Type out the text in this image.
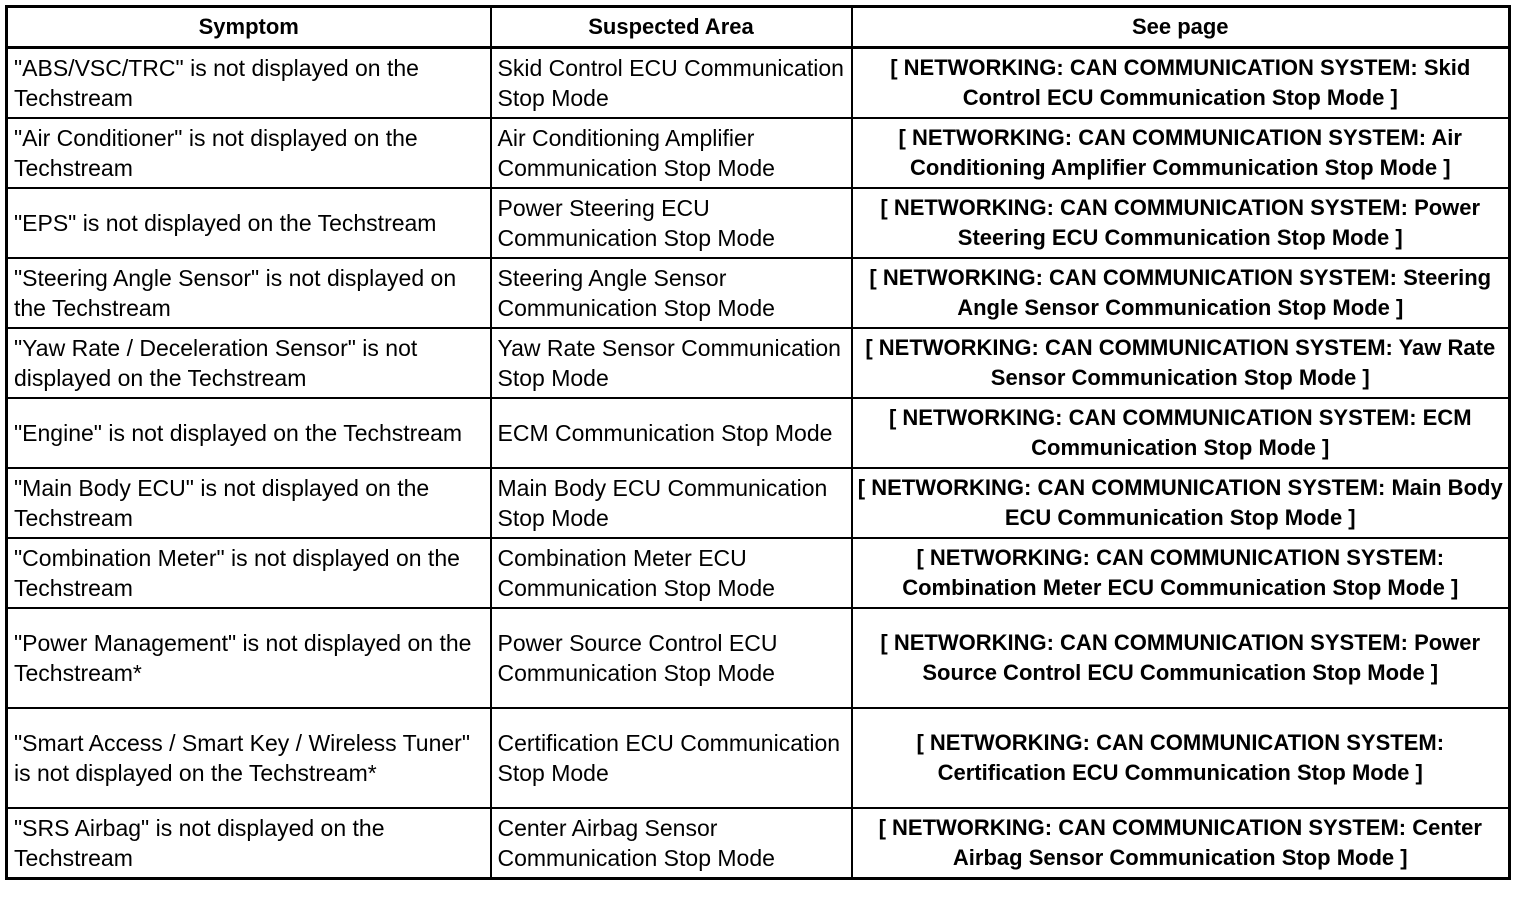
Symptom	Suspected Area	See page
"ABS/VSC/TRC" is not displayed on the Techstream	Skid Control ECU Communication Stop Mode	[ NETWORKING: CAN COMMUNICATION SYSTEM: Skid Control ECU Communication Stop Mode ]
"Air Conditioner" is not displayed on the Techstream	Air Conditioning Amplifier Communication Stop Mode	[ NETWORKING: CAN COMMUNICATION SYSTEM: Air Conditioning Amplifier Communication Stop Mode ]
"EPS" is not displayed on the Techstream	Power Steering ECU Communication Stop Mode	[ NETWORKING: CAN COMMUNICATION SYSTEM: Power Steering ECU Communication Stop Mode ]
"Steering Angle Sensor" is not displayed on the Techstream	Steering Angle Sensor Communication Stop Mode	[ NETWORKING: CAN COMMUNICATION SYSTEM: Steering Angle Sensor Communication Stop Mode ]
"Yaw Rate / Deceleration Sensor" is not displayed on the Techstream	Yaw Rate Sensor Communication Stop Mode	[ NETWORKING: CAN COMMUNICATION SYSTEM: Yaw Rate Sensor Communication Stop Mode ]
"Engine" is not displayed on the Techstream	ECM Communication Stop Mode	[ NETWORKING: CAN COMMUNICATION SYSTEM: ECM Communication Stop Mode ]
"Main Body ECU" is not displayed on the Techstream	Main Body ECU Communication Stop Mode	[ NETWORKING: CAN COMMUNICATION SYSTEM: Main Body ECU Communication Stop Mode ]
"Combination Meter" is not displayed on the Techstream	Combination Meter ECU Communication Stop Mode	[ NETWORKING: CAN COMMUNICATION SYSTEM: Combination Meter ECU Communication Stop Mode ]
"Power Management" is not displayed on the Techstream*	Power Source Control ECU Communication Stop Mode	[ NETWORKING: CAN COMMUNICATION SYSTEM: Power Source Control ECU Communication Stop Mode ]
"Smart Access / Smart Key / Wireless Tuner" is not displayed on the Techstream*	Certification ECU Communication Stop Mode	[ NETWORKING: CAN COMMUNICATION SYSTEM: Certification ECU Communication Stop Mode ]
"SRS Airbag" is not displayed on the Techstream	Center Airbag Sensor Communication Stop Mode	[ NETWORKING: CAN COMMUNICATION SYSTEM: Center Airbag Sensor Communication Stop Mode ]
